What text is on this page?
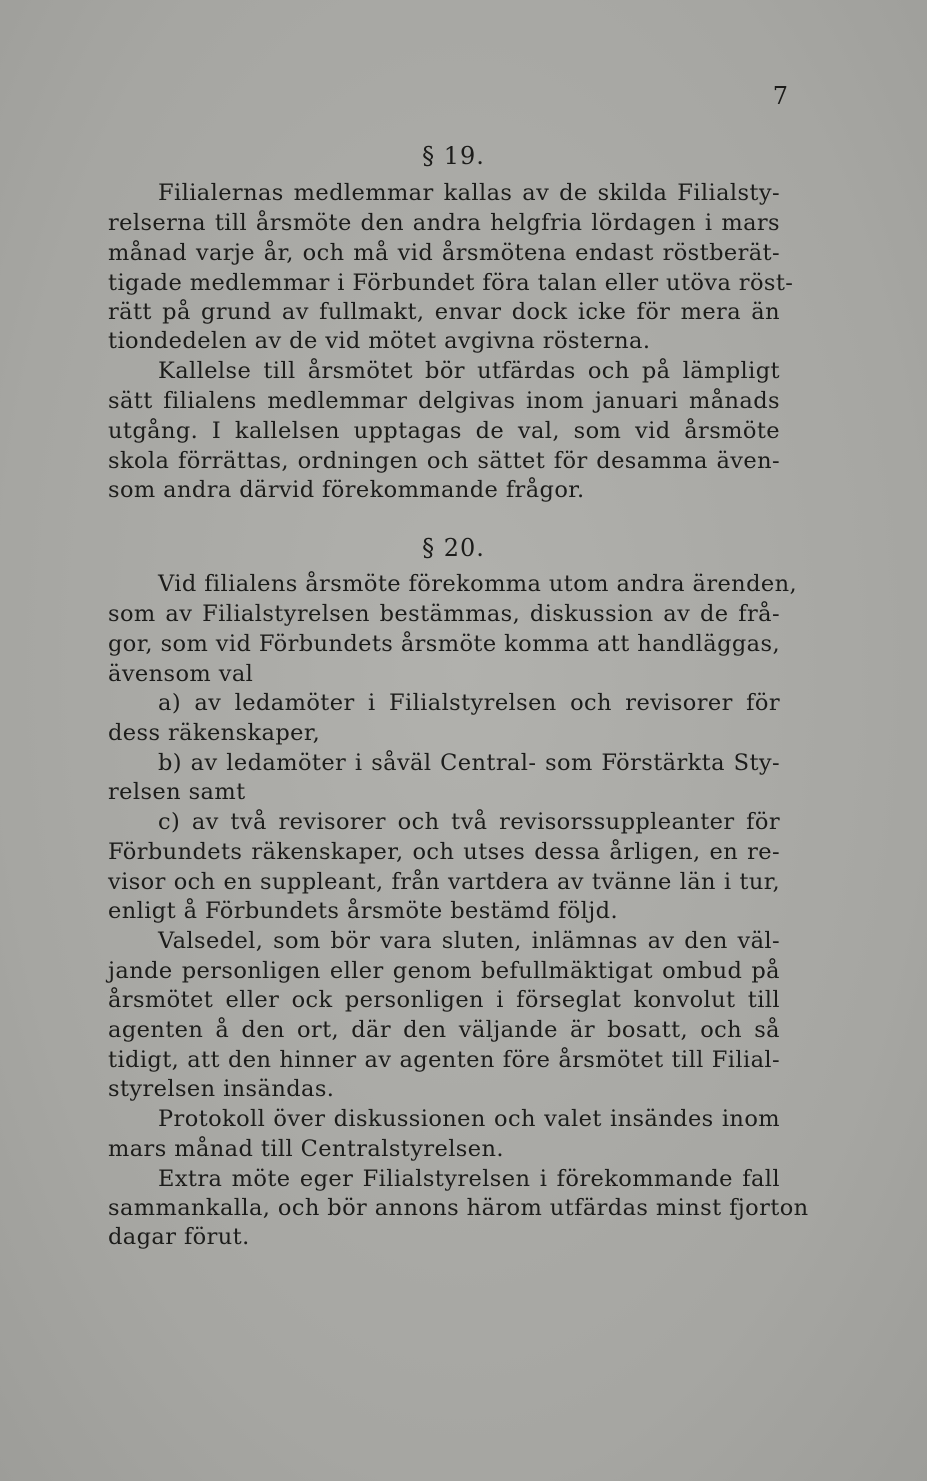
7
§ 19.
Filialernas medlemmar kallas av de skilda Filialsty-
relserna till årsmöte den andra helgfria lördagen i mars
månad varje år, och må vid årsmötena endast röstberät-
tigade medlemmar i Förbundet föra talan eller utöva röst-
rätt på grund av fullmakt, envar dock icke för mera än
tiondedelen av de vid mötet avgivna rösterna.
Kallelse till årsmötet bör utfärdas och på lämpligt
sätt filialens medlemmar delgivas inom januari månads
utgång. I kallelsen upptagas de val, som vid årsmöte
skola förrättas, ordningen och sättet för desamma även-
som andra därvid förekommande frågor.
§ 20.
Vid filialens årsmöte förekomma utom andra ärenden,
som av Filialstyrelsen bestämmas, diskussion av de frå-
gor, som vid Förbundets årsmöte komma att handläggas,
ävensom val
a) av ledamöter i Filialstyrelsen och revisorer för
dess räkenskaper,
b) av ledamöter i såväl Central- som Förstärkta Sty-
relsen samt
c) av två revisorer och två revisorssuppleanter för
Förbundets räkenskaper, och utses dessa årligen, en re-
visor och en suppleant, från vartdera av tvänne län i tur,
enligt å Förbundets årsmöte bestämd följd.
Valsedel, som bör vara sluten, inlämnas av den väl-
jande personligen eller genom befullmäktigat ombud på
årsmötet eller ock personligen i förseglat konvolut till
agenten å den ort, där den väljande är bosatt, och så
tidigt, att den hinner av agenten före årsmötet till Filial-
styrelsen insändas.
Protokoll över diskussionen och valet insändes inom
mars månad till Centralstyrelsen.
Extra möte eger Filialstyrelsen i förekommande fall
sammankalla, och bör annons härom utfärdas minst fjorton
dagar förut.
